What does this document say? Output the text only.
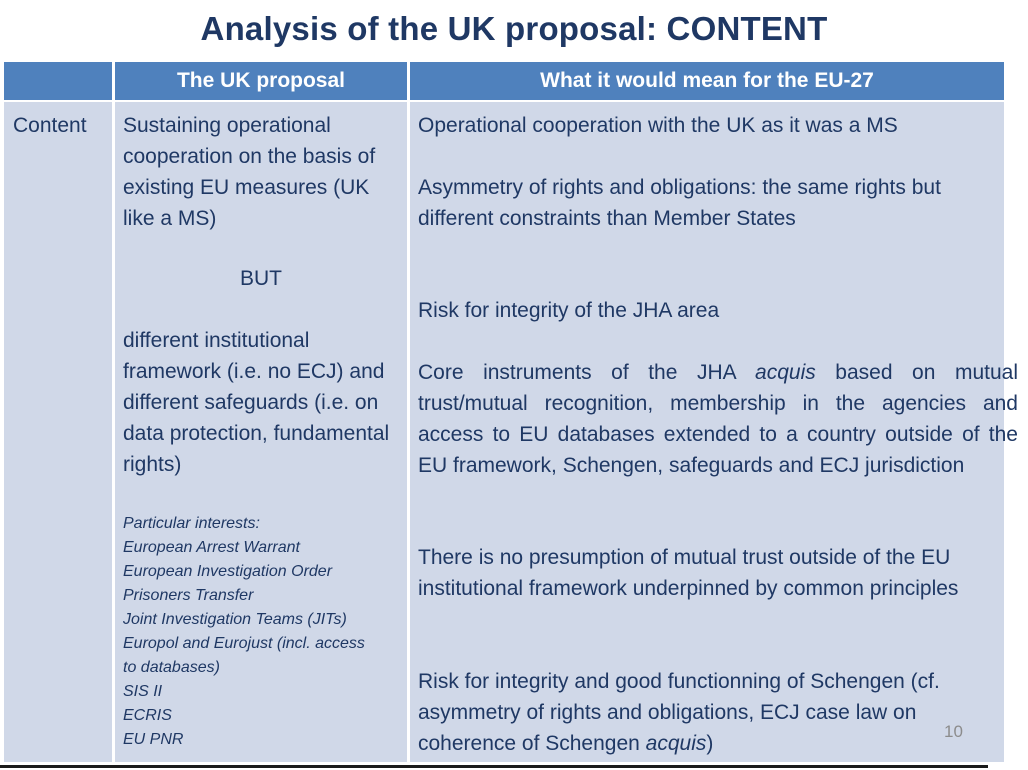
Analysis of the UK proposal: CONTENT
The UK proposal	What it would mean for the EU-27
Content Sustaining operational cooperation on the basis of existing EU measures (UK like a MS)
BUT
different institutional framework (i.e. no ECJ) and different safeguards (i.e. on data protection, fundamental rights)
Particular interests:
European Arrest Warrant
European Investigation Order
Prisoners Transfer
Joint Investigation Teams (JITs)
Europol and Eurojust (incl. access
to databases)
SIS II
ECRIS
EU PNR
Operational cooperation with the UK as it was a MS
Asymmetry of rights and obligations: the same rights but different constraints than Member States
Risk for integrity of the JHA area
Core instruments of the JHA acquis based on mutual trust/mutual recognition, membership in the agencies and access to EU databases extended to a country outside of the EU framework, Schengen, safeguards and ECJ jurisdiction
There is no presumption of mutual trust outside of the EU institutional framework underpinned by common principles
Risk for integrity and good functionning of Schengen (cf. asymmetry of rights and obligations, ECJ case law on coherence of Schengen acquis)
10
